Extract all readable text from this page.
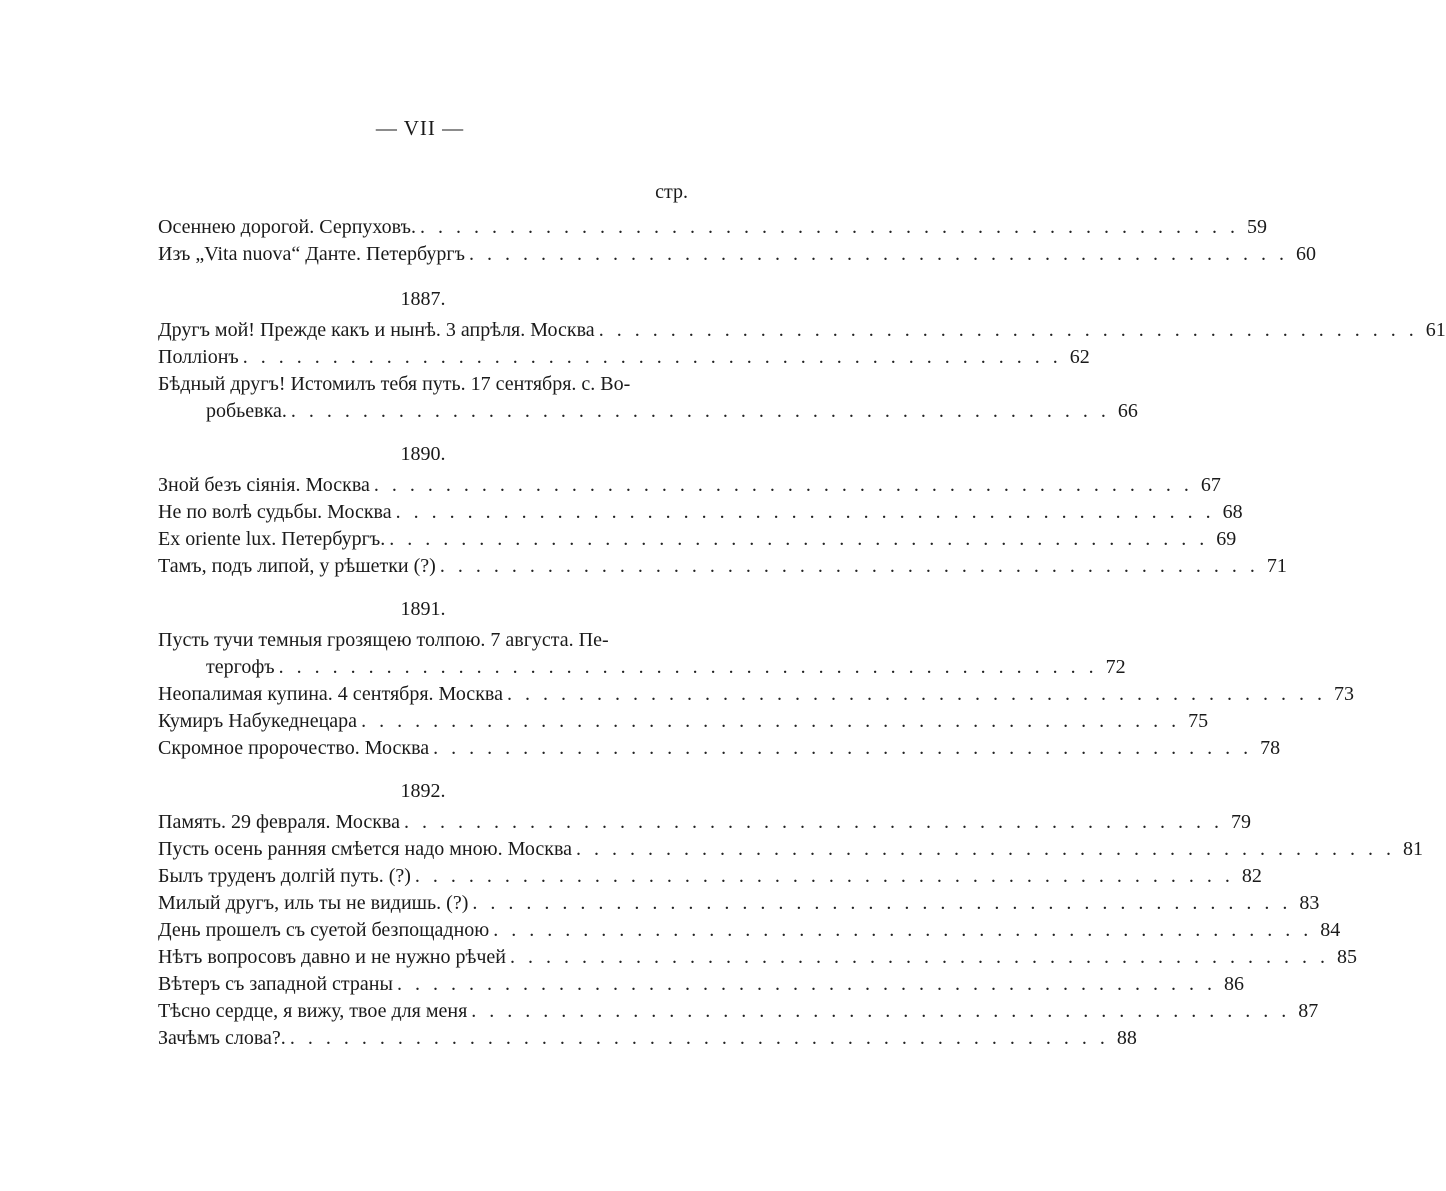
— VII —
стр.
Осеннею дорогой. Серпуховъ. . . . . . . . . . . . . . . . . . . . . . . . . . . . . . . . . . . . . . . . . . . . . . . 59
Изъ „Vita nuova“ Данте. Петербургъ . . . . . . . . . . . . . . . . . . . . . . . . . . . . . . . . . . . . . . . . . . . . . . 60
1887.
Другъ мой! Прежде какъ и нынѣ. 3 апрѣля. Москва . . . . . . . . . . . . . . . . . . . . . . . . . . . . . . . . . . . . . . . . . . . . . . 61
Поллiонъ . . . . . . . . . . . . . . . . . . . . . . . . . . . . . . . . . . . . . . . . . . . . . . 62
Бѣдный другъ! Истомилъ тебя путь. 17 сентября. с. Во-
робьевка. . . . . . . . . . . . . . . . . . . . . . . . . . . . . . . . . . . . . . . . . . . . . . . 66
1890.
Зной безъ сiянiя. Москва . . . . . . . . . . . . . . . . . . . . . . . . . . . . . . . . . . . . . . . . . . . . . . 67
Не по волѣ судьбы. Москва . . . . . . . . . . . . . . . . . . . . . . . . . . . . . . . . . . . . . . . . . . . . . . 68
Ex oriente lux. Петербургъ. . . . . . . . . . . . . . . . . . . . . . . . . . . . . . . . . . . . . . . . . . . . . . . 69
Тамъ, подъ липой, у рѣшетки (?) . . . . . . . . . . . . . . . . . . . . . . . . . . . . . . . . . . . . . . . . . . . . . . 71
1891.
Пусть тучи темныя грозящею толпою. 7 августа. Пе-
тергофъ . . . . . . . . . . . . . . . . . . . . . . . . . . . . . . . . . . . . . . . . . . . . . . 72
Неопалимая купина. 4 сентября. Москва . . . . . . . . . . . . . . . . . . . . . . . . . . . . . . . . . . . . . . . . . . . . . . 73
Кумиръ Набукеднецара . . . . . . . . . . . . . . . . . . . . . . . . . . . . . . . . . . . . . . . . . . . . . . 75
Скромное пророчество. Москва . . . . . . . . . . . . . . . . . . . . . . . . . . . . . . . . . . . . . . . . . . . . . . 78
1892.
Память. 29 февраля. Москва . . . . . . . . . . . . . . . . . . . . . . . . . . . . . . . . . . . . . . . . . . . . . . 79
Пусть осень ранняя смѣется надо мною. Москва . . . . . . . . . . . . . . . . . . . . . . . . . . . . . . . . . . . . . . . . . . . . . . 81
Былъ труденъ долгiй путь. (?) . . . . . . . . . . . . . . . . . . . . . . . . . . . . . . . . . . . . . . . . . . . . . . 82
Милый другъ, иль ты не видишь. (?) . . . . . . . . . . . . . . . . . . . . . . . . . . . . . . . . . . . . . . . . . . . . . . 83
День прошелъ съ суетой безпощадною . . . . . . . . . . . . . . . . . . . . . . . . . . . . . . . . . . . . . . . . . . . . . . 84
Нѣтъ вопросовъ давно и не нужно рѣчей . . . . . . . . . . . . . . . . . . . . . . . . . . . . . . . . . . . . . . . . . . . . . . 85
Вѣтеръ съ западной страны . . . . . . . . . . . . . . . . . . . . . . . . . . . . . . . . . . . . . . . . . . . . . . 86
Тѣсно сердце, я вижу, твое для меня . . . . . . . . . . . . . . . . . . . . . . . . . . . . . . . . . . . . . . . . . . . . . . 87
Зачѣмъ слова?. . . . . . . . . . . . . . . . . . . . . . . . . . . . . . . . . . . . . . . . . . . . . . . 88
